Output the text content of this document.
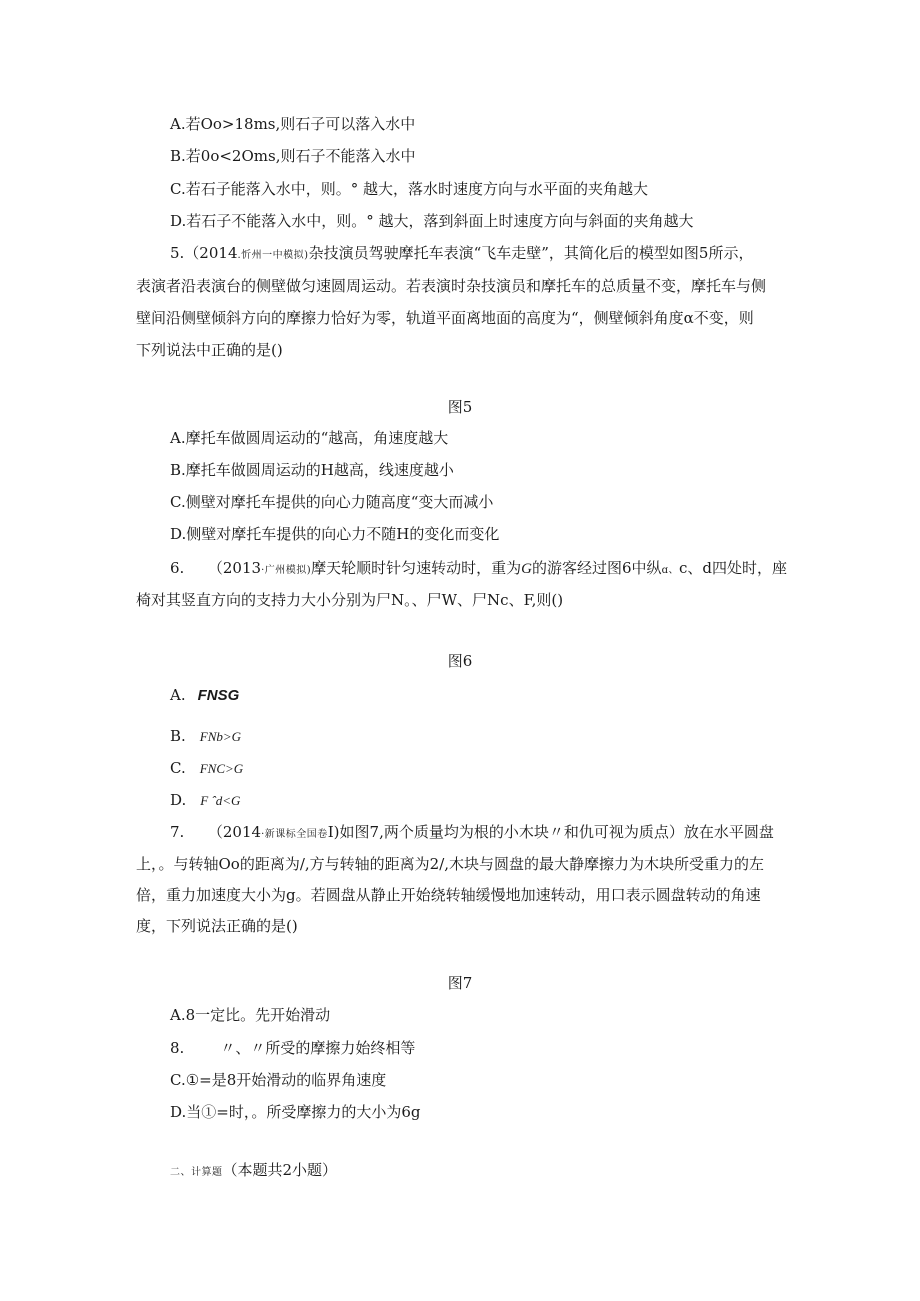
A.若Oo>18ms,则石子可以落入水中
B.若0o<2Oms,则石子不能落入水中
C.若石子能落入水中，则。° 越大，落水时速度方向与水平面的夹角越大
D.若石子不能落入水中，则。° 越大，落到斜面上时速度方向与斜面的夹角越大
5.（2014.忻州一中模拟)杂技演员驾驶摩托车表演“飞车走壁”，其简化后的模型如图5所示，
表演者沿表演台的侧壁做匀速圆周运动。若表演时杂技演员和摩托车的总质量不变，摩托车与侧
壁间沿侧壁倾斜方向的摩擦力恰好为零，轨道平面离地面的高度为“，侧壁倾斜角度α不变，则
下列说法中正确的是()
图5
A.摩托车做圆周运动的“越高，角速度越大
B.摩托车做圆周运动的H越高，线速度越小
C.侧壁对摩托车提供的向心力随高度“变大而减小
D.侧壁对摩托车提供的向心力不随H的变化而变化
6. （2013·广州模拟)摩天轮顺时针匀速转动时，重为G的游客经过图6中纵ɑ、c、d四处时，座
椅对其竖直方向的支持力大小分别为尸N。、尸W、尸Nc、F,则()
图6
A. FNSG
B. FNb>G
C. FNC>G
D. F ˆd<G
7. （2014·新课标全国卷I)如图7,两个质量均为根的小木块〃和仇可视为质点）放在水平圆盘
上，。与转轴Oo的距离为/,方与转轴的距离为2/,木块与圆盘的最大静摩擦力为木块所受重力的左
倍，重力加速度大小为g。若圆盘从静止开始绕转轴缓慢地加速转动，用口表示圆盘转动的角速
度，下列说法正确的是()
图7
A.8一定比。先开始滑动
8. 〃、〃所受的摩擦力始终相等
C.①=是8开始滑动的临界角速度
D.当①=时，。所受摩擦力的大小为6g
二、计算题（本题共2小题）
